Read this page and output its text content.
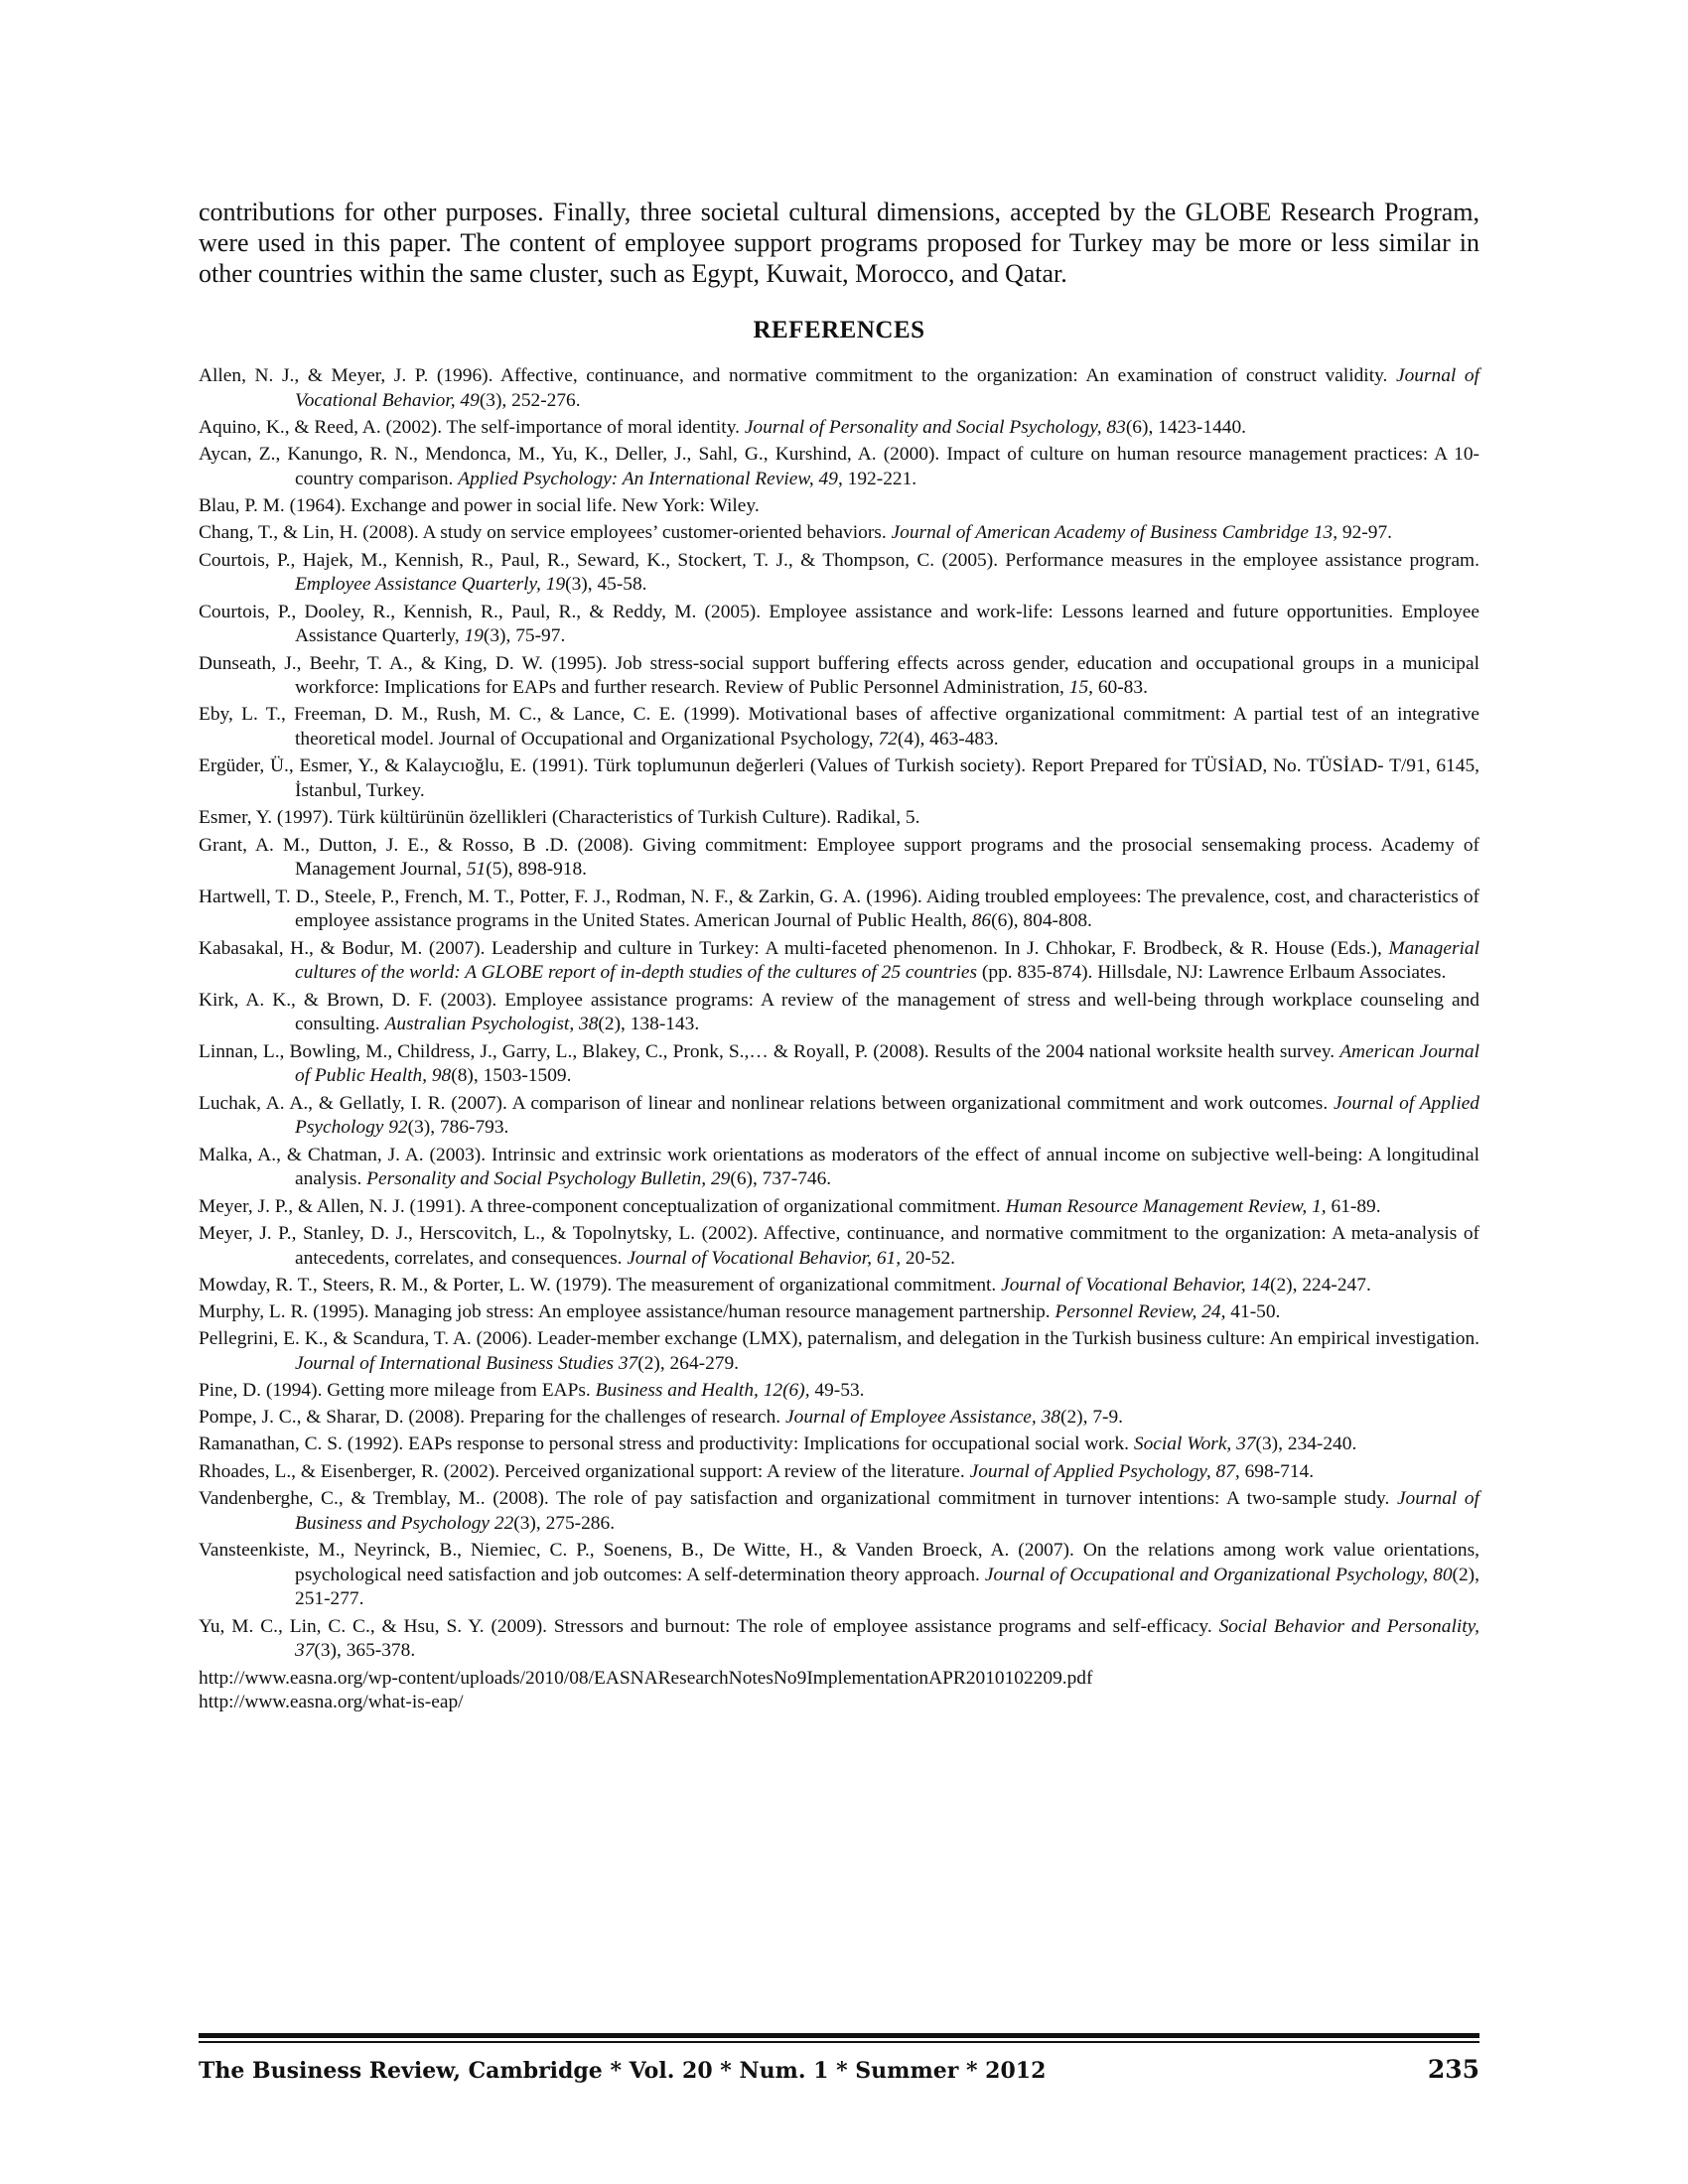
contributions for other purposes. Finally, three societal cultural dimensions, accepted by the GLOBE Research Program, were used in this paper. The content of employee support programs proposed for Turkey may be more or less similar in other countries within the same cluster, such as Egypt, Kuwait, Morocco, and Qatar.

REFERENCES
Allen, N. J., & Meyer, J. P. (1996). Affective, continuance, and normative commitment to the organization: An examination of construct validity. Journal of Vocational Behavior, 49(3), 252-276.
Aquino, K., & Reed, A. (2002). The self-importance of moral identity. Journal of Personality and Social Psychology, 83(6), 1423-1440.
Aycan, Z., Kanungo, R. N., Mendonca, M., Yu, K., Deller, J., Sahl, G., Kurshind, A. (2000). Impact of culture on human resource management practices: A 10-country comparison. Applied Psychology: An International Review, 49, 192-221.
Blau, P. M. (1964). Exchange and power in social life. New York: Wiley.
Chang, T., & Lin, H. (2008). A study on service employees’ customer-oriented behaviors. Journal of American Academy of Business Cambridge 13, 92-97.
Courtois, P., Hajek, M., Kennish, R., Paul, R., Seward, K., Stockert, T. J., & Thompson, C. (2005). Performance measures in the employee assistance program. Employee Assistance Quarterly, 19(3), 45-58.
Courtois, P., Dooley, R., Kennish, R., Paul, R., & Reddy, M. (2005). Employee assistance and work-life: Lessons learned and future opportunities. Employee Assistance Quarterly, 19(3), 75-97.
Dunseath, J., Beehr, T. A., & King, D. W. (1995). Job stress-social support buffering effects across gender, education and occupational groups in a municipal workforce: Implications for EAPs and further research. Review of Public Personnel Administration, 15, 60-83.
Eby, L. T., Freeman, D. M., Rush, M. C., & Lance, C. E. (1999). Motivational bases of affective organizational commitment: A partial test of an integrative theoretical model. Journal of Occupational and Organizational Psychology, 72(4), 463-483.
Ergüder, Ü., Esmer, Y., & Kalaycıoğlu, E. (1991). Türk toplumunun değerleri (Values of Turkish society). Report Prepared for TÜSİAD, No. TÜSİAD- T/91, 6145, İstanbul, Turkey.
Esmer, Y. (1997). Türk kültürünün özellikleri (Characteristics of Turkish Culture). Radikal, 5.
Grant, A. M., Dutton, J. E., & Rosso, B .D. (2008). Giving commitment: Employee support programs and the prosocial sensemaking process. Academy of Management Journal, 51(5), 898-918.
Hartwell, T. D., Steele, P., French, M. T., Potter, F. J., Rodman, N. F., & Zarkin, G. A. (1996). Aiding troubled employees: The prevalence, cost, and characteristics of employee assistance programs in the United States. American Journal of Public Health, 86(6), 804-808.
Kabasakal, H., & Bodur, M. (2007). Leadership and culture in Turkey: A multi-faceted phenomenon. In J. Chhokar, F. Brodbeck, & R. House (Eds.), Managerial cultures of the world: A GLOBE report of in-depth studies of the cultures of 25 countries (pp. 835-874). Hillsdale, NJ: Lawrence Erlbaum Associates.
Kirk, A. K., & Brown, D. F. (2003). Employee assistance programs: A review of the management of stress and well-being through workplace counseling and consulting. Australian Psychologist, 38(2), 138-143.
Linnan, L., Bowling, M., Childress, J., Garry, L., Blakey, C., Pronk, S.,… & Royall, P. (2008). Results of the 2004 national worksite health survey. American Journal of Public Health, 98(8), 1503-1509.
Luchak, A. A., & Gellatly, I. R. (2007). A comparison of linear and nonlinear relations between organizational commitment and work outcomes. Journal of Applied Psychology 92(3), 786-793.
Malka, A., & Chatman, J. A. (2003). Intrinsic and extrinsic work orientations as moderators of the effect of annual income on subjective well-being: A longitudinal analysis. Personality and Social Psychology Bulletin, 29(6), 737-746.
Meyer, J. P., & Allen, N. J. (1991). A three-component conceptualization of organizational commitment. Human Resource Management Review, 1, 61-89.
Meyer, J. P., Stanley, D. J., Herscovitch, L., & Topolnytsky, L. (2002). Affective, continuance, and normative commitment to the organization: A meta-analysis of antecedents, correlates, and consequences. Journal of Vocational Behavior, 61, 20-52.
Mowday, R. T., Steers, R. M., & Porter, L. W. (1979). The measurement of organizational commitment. Journal of Vocational Behavior, 14(2), 224-247.
Murphy, L. R. (1995). Managing job stress: An employee assistance/human resource management partnership. Personnel Review, 24, 41-50.
Pellegrini, E. K., & Scandura, T. A. (2006). Leader-member exchange (LMX), paternalism, and delegation in the Turkish business culture: An empirical investigation. Journal of International Business Studies 37(2), 264-279.
Pine, D. (1994). Getting more mileage from EAPs. Business and Health, 12(6), 49-53.
Pompe, J. C., & Sharar, D. (2008). Preparing for the challenges of research. Journal of Employee Assistance, 38(2), 7-9.
Ramanathan, C. S. (1992). EAPs response to personal stress and productivity: Implications for occupational social work. Social Work, 37(3), 234-240.
Rhoades, L., & Eisenberger, R. (2002). Perceived organizational support: A review of the literature. Journal of Applied Psychology, 87, 698-714.
Vandenberghe, C., & Tremblay, M.. (2008). The role of pay satisfaction and organizational commitment in turnover intentions: A two-sample study. Journal of Business and Psychology 22(3), 275-286.
Vansteenkiste, M., Neyrinck, B., Niemiec, C. P., Soenens, B., De Witte, H., & Vanden Broeck, A. (2007). On the relations among work value orientations, psychological need satisfaction and job outcomes: A self-determination theory approach. Journal of Occupational and Organizational Psychology, 80(2), 251-277.
Yu, M. C., Lin, C. C., & Hsu, S. Y. (2009). Stressors and burnout: The role of employee assistance programs and self-efficacy. Social Behavior and Personality, 37(3), 365-378.

http://www.easna.org/wp-content/uploads/2010/08/EASNAResearchNotesNo9ImplementationAPR2010102209.pdf

http://www.easna.org/what-is-eap/

The Business Review, Cambridge * Vol. 20 * Num. 1 * Summer * 2012	235
